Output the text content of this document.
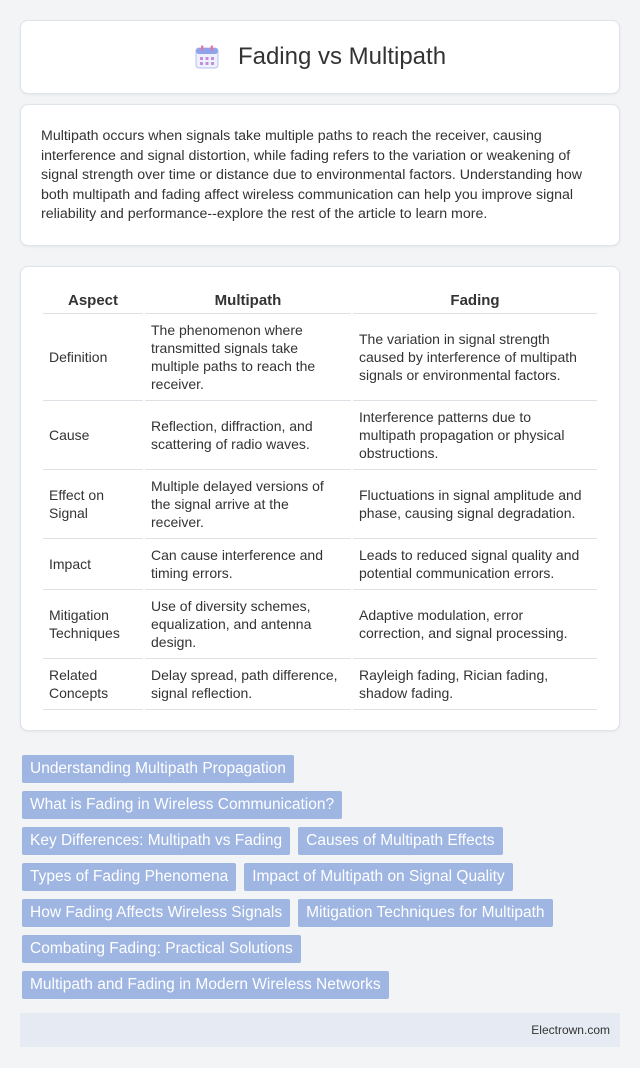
Fading vs Multipath
Multipath occurs when signals take multiple paths to reach the receiver, causing interference and signal distortion, while fading refers to the variation or weakening of signal strength over time or distance due to environmental factors. Understanding how both multipath and fading affect wireless communication can help you improve signal reliability and performance--explore the rest of the article to learn more.
Aspect	Multipath	Fading
Definition	The phenomenon where transmitted signals take multiple paths to reach the receiver.	The variation in signal strength caused by interference of multipath signals or environmental factors.
Cause	Reflection, diffraction, and scattering of radio waves.	Interference patterns due to multipath propagation or physical obstructions.
Effect on Signal	Multiple delayed versions of the signal arrive at the receiver.	Fluctuations in signal amplitude and phase, causing signal degradation.
Impact	Can cause interference and timing errors.	Leads to reduced signal quality and potential communication errors.
Mitigation Techniques	Use of diversity schemes, equalization, and antenna design.	Adaptive modulation, error correction, and signal processing.
Related Concepts	Delay spread, path difference, signal reflection.	Rayleigh fading, Rician fading, shadow fading.
Understanding Multipath Propagation
What is Fading in Wireless Communication?
Key Differences: Multipath vs Fading	Causes of Multipath Effects
Types of Fading Phenomena	Impact of Multipath on Signal Quality
How Fading Affects Wireless Signals	Mitigation Techniques for Multipath
Combating Fading: Practical Solutions
Multipath and Fading in Modern Wireless Networks
Electrown.com
